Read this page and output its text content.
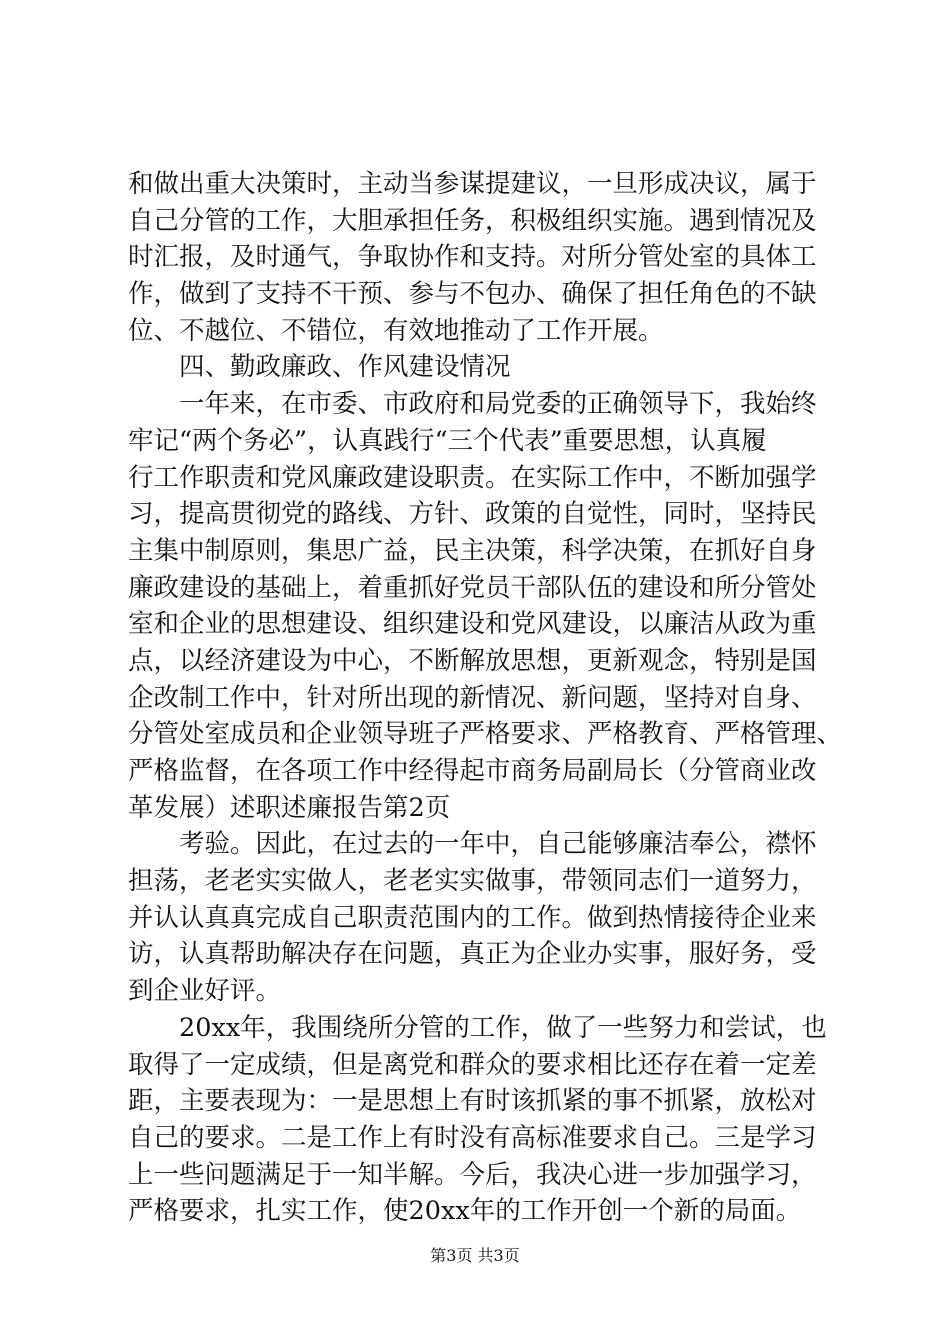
和做出重大决策时，主动当参谋提建议，一旦形成决议，属于
自己分管的工作，大胆承担任务，积极组织实施。遇到情况及
时汇报，及时通气，争取协作和支持。对所分管处室的具体工
作，做到了支持不干预、参与不包办、确保了担任角色的不缺
位、不越位、不错位，有效地推动了工作开展。
四、勤政廉政、作风建设情况
一年来，在市委、市政府和局党委的正确领导下，我始终
牢记“两个务必”，认真践行“三个代表”重要思想，认真履
行工作职责和党风廉政建设职责。在实际工作中，不断加强学
习，提高贯彻党的路线、方针、政策的自觉性，同时，坚持民
主集中制原则，集思广益，民主决策，科学决策，在抓好自身
廉政建设的基础上，着重抓好党员干部队伍的建设和所分管处
室和企业的思想建设、组织建设和党风建设，以廉洁从政为重
点，以经济建设为中心，不断解放思想，更新观念，特别是国
企改制工作中，针对所出现的新情况、新问题，坚持对自身、
分管处室成员和企业领导班子严格要求、严格教育、严格管理、
严格监督，在各项工作中经得起市商务局副局长（分管商业改
革发展）述职述廉报告第2页
考验。因此，在过去的一年中，自己能够廉洁奉公，襟怀
担荡，老老实实做人，老老实实做事，带领同志们一道努力，
并认认真真完成自己职责范围内的工作。做到热情接待企业来
访，认真帮助解决存在问题，真正为企业办实事，服好务，受
到企业好评。
20xx年，我围绕所分管的工作，做了一些努力和尝试，也
取得了一定成绩，但是离党和群众的要求相比还存在着一定差
距，主要表现为：一是思想上有时该抓紧的事不抓紧，放松对
自己的要求。二是工作上有时没有高标准要求自己。三是学习
上一些问题满足于一知半解。今后，我决心进一步加强学习，
严格要求，扎实工作，使20xx年的工作开创一个新的局面。
第3页 共3页
